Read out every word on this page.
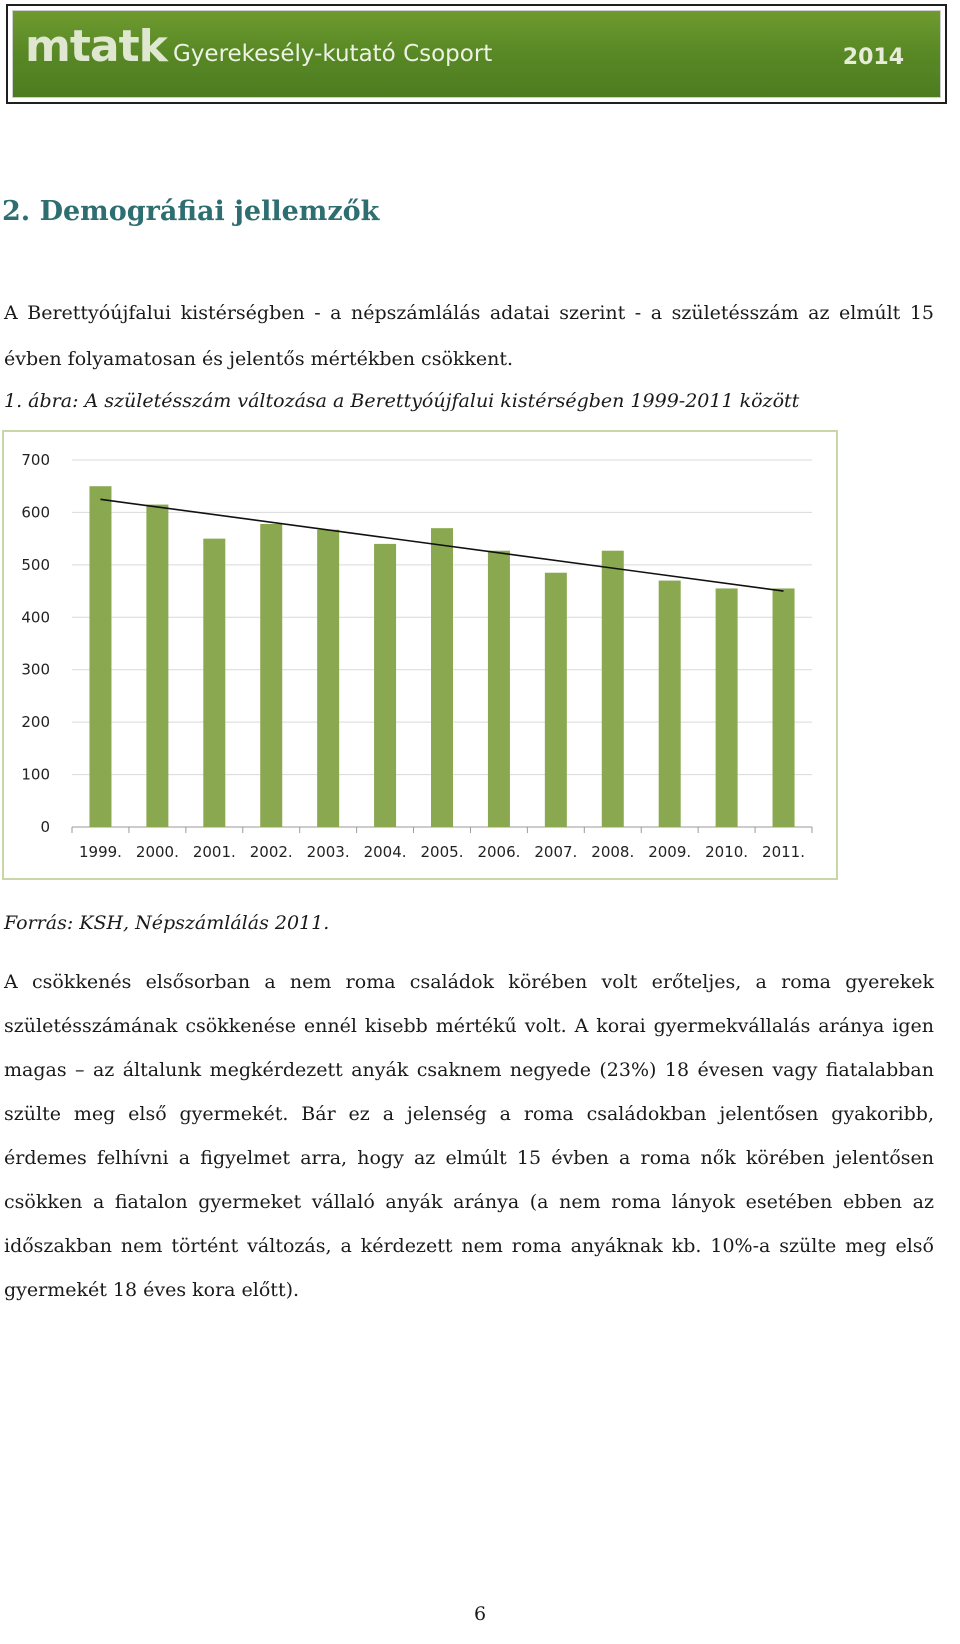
mtatk Gyerekesély-kutató Csoport	2014
2. Demográfiai jellemzők

A Berettyóújfalui kistérségben - a népszámlálás adatai szerint - a születésszám az elmúlt 15 évben folyamatosan és jelentős mértékben csökkent.

1. ábra: A születésszám változása a Berettyóújfalui kistérségben 1999-2011 között

0
100
200
300
400
500
600
700
1999. 2000. 2001. 2002. 2003. 2004. 2005. 2006. 2007. 2008. 2009. 2010. 2011.

Forrás: KSH, Népszámlálás 2011.

A csökkenés elsősorban a nem roma családok körében volt erőteljes, a roma gyerekek születésszámának csökkenése ennél kisebb mértékű volt. A korai gyermekvállalás aránya igen magas – az általunk megkérdezett anyák csaknem negyede (23%) 18 évesen vagy fiatalabban szülte meg első gyermekét. Bár ez a jelenség a roma családokban jelentősen gyakoribb, érdemes felhívni a figyelmet arra, hogy az elmúlt 15 évben a roma nők körében jelentősen csökken a fiatalon gyermeket vállaló anyák aránya (a nem roma lányok esetében ebben az időszakban nem történt változás, a kérdezett nem roma anyáknak kb. 10%-a szülte meg első gyermekét 18 éves kora előtt).

6
